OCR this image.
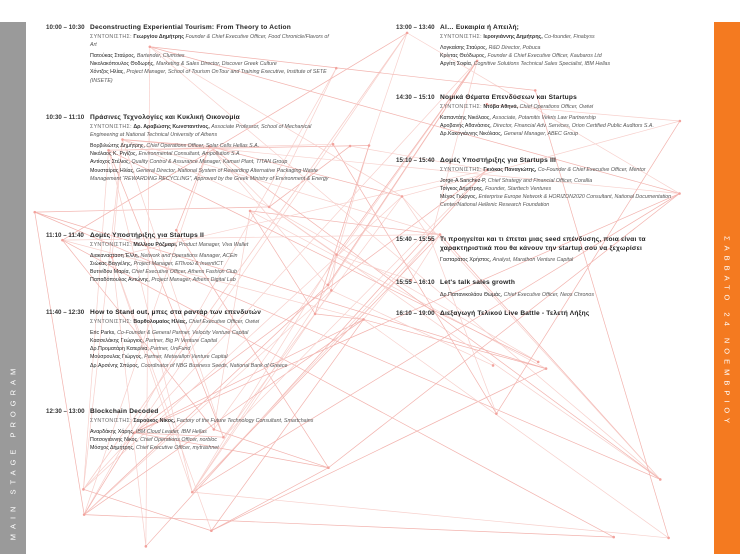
MAIN STAGE PROGRAM
ΣΑΒΒΑΤΟ 24 ΝΟΕΜΒΡΙΟΥ
10:00 – 10:30 Deconstructing Experiential Tourism: From Theory to Action
ΣΥΝΤΟΝΙΣΤΗΣ: Γεωργίου Δημήτρης Founder & Chief Executive Officer, Food Chronicle/Flavors of Art
Πατούκας Σταύρος, Bartender, Clumsies
Νικολακόπουλος Θοδωρής, Marketing & Sales Director, Discover Greek Culture
Χόντζος Ηλίας, Project Manager, School of Tourism OnTour and Training Executive, Institute of SETE (INSETE)
10:30 – 11:10 Πράσινες Τεχνολογίες και Κυκλική Οικονομία
ΣΥΝΤΟΝΙΣΤΗΣ: Δρ. Αραβώσης Κωνσταντίνος, Associate Professor, School of Mechanical Engineering at National Technical University of Athens
Βορβιλιώτης Δημήτρης, Chief Operations Officer, Solar Cells Hellas S.A.
Νικόλαος Κ. Ριγίζος, Environmental Consultant, Ampollution S.A
Αντίοχος Στέλιος, Quality Control & Assurance Manager, Kamari Plant, TITAN Group
Μουσταίρας Ηλίας, General Director, National System of Rewarding Alternative Packaging Waste Management “REWARDING RECYCLING”, Approved by the Greek Ministry of Environment & Energy
11:10 – 11:40 Δομές Υποστήριξης για Startups II
ΣΥΝΤΟΝΙΣΤΗΣ: Μέλλιου Ρόζμαρι, Product Manager, Viva Wallet
Διακανασταση Έλλη, Network and Operations Manager, ACEin
Σιώκας Βαγγέλης, Project Manager, ΕΠΙνοώ & InventICT
Βυτινίδου Μαρία, Chief Executive Officer, Athens Fashion Club
Παπαδόπουλος Αντώνης, Project Manager, Athens Digital Lab
11:40 – 12:30 How to Stand out, μπες στα ραντάρ των επενδυτών
ΣΥΝΤΟΝΙΣΤΗΣ: Βαρθολομαίος Ηλίας, Chief Executive Officer, Owiwi
Eric Parks, Co-Founder & General Partner, Velocity Venture Capital
Κασσελάκης Γεώργιος, Partner, Big Pi Venture Capital
Δρ.Προματάρη Κατερίνα, Partner, UniFund
Μούσρουλας Γιώργος, Partner, Metavallon Venture Capital
Δρ.Αρσένης Σπύρος, Coordinator of NBG Business Seeds, National Bank of Greece
12:30 – 13:00 Blockchain Decoded
ΣΥΝΤΟΝΙΣΤΗΣ: Σαρούκος Νίκος, Factory of the Future Technology Consultant, Smartchains
Αναρδάκης Χάρης, IBM Cloud Leader, IBM Hellas
Ποτσογιάννης Νίκος, Chief Operations Officer, norbloc
Μόσχος Δημήτρης, Chief Executive Officer, mytrashnet
13:00 – 13:40 AI… Ευκαιρία ή Απειλή;
ΣΥΝΤΟΝΙΣΤΗΣ: Ιεροιγιάννης Δημήτρης, Co-founder, Finabyss
Λογκαίσης Σταύρος, R&D Director, Pobuca
Κρίντας Θεόδωρος, Founder & Chief Executive Officer, Kaubaros Ltd
Αργίτη Σοφία, Cognitive Solutions Technical Sales Specialist, IBM Hellas
14:30 – 15:10 Νομικά Θέματα Επενδύσεων και Startups
ΣΥΝΤΟΝΙΣΤΗΣ: Ντόβα Αθηνά, Chief Operations Officer, Owiwi
Καπαντάης Νικόλαος, Associate, Potamitis Vekris Law Partnership
Αροβανής Αθανάσιος, Director, Financial Adv. Services, Orion Certified Public Auditors S.A.
Δρ.Κακογιάννης Νικόλαος, General Manager, ABEC Group
15:10 – 15:40 Δομές Υποστήριξης για Startups III
ΣΥΝΤΟΝΙΣΤΗΣ: Γκιόκας Παναγιώτης, Co-Founder & Chief Executive Officer, Mentor
Jorge-A Sanchez-P, Chief Strategy and Financial Officer, Corallia
Τσίγκος Δημήτρης, Founder, Starttech Ventures
Μέγος Γιώργος, Enterprise Europe Network & HORIZON2020 Consultant, National Documentation Center/National Hellenic Research Foundation
15:40 – 15:55 Τι προηγείται και τι έπεται μιας seed επένδυσης, ποια είναι τα χαρακτηριστικά που θα κάνουν την startup σου να ξεχωρίσει
Γασταράτος Χρήστος, Analyst, Marathon Venture Capital
15:55 – 16:10 Let's talk sales growth
Δρ.Παπανικολάου Θωμάς, Chief Executive Officer, Neos Chronos
16:10 – 19:00 Διεξαγωγή Τελικού Live Battle - Τελετή Λήξης
